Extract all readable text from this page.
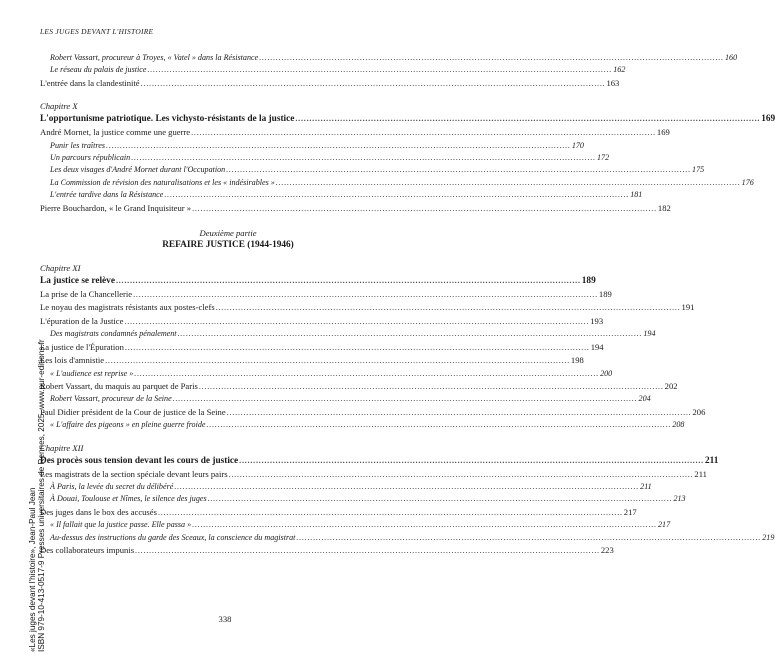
LES JUGES DEVANT L'HISTOIRE
Robert Vassart, procureur à Troyes, « Vatel » dans la Résistance .....	160
Le réseau du palais de justice .....	162
L'entrée dans la clandestinité .....	163
Chapitre X
L'opportunisme patriotique. Les vichysto-résistants de la justice .....	169
André Mornet, la justice comme une guerre .....	169
Punir les traîtres .....	170
Un parcours républicain .....	172
Les deux visages d'André Mornet durant l'Occupation .....	175
La Commission de révision des naturalisations et les « indésirables » .....	176
L'entrée tardive dans la Résistance .....	181
Pierre Bouchardon, « le Grand Inquisiteur » .....	182
Deuxième partie
REFAIRE JUSTICE (1944-1946)
Chapitre XI
La justice se relève .....	189
La prise de la Chancellerie .....	189
Le noyau des magistrats résistants aux postes-clefs .....	191
L'épuration de la Justice .....	193
Des magistrats condamnés pénalement .....	194
La justice de l'Épuration .....	194
Les lois d'amnistie .....	198
« L'audience est reprise » .....	200
Robert Vassart, du maquis au parquet de Paris .....	202
Robert Vassart, procureur de la Seine .....	204
Paul Didier président de la Cour de justice de la Seine .....	206
« L'affaire des pigeons » en pleine guerre froide .....	208
Chapitre XII
Des procès sous tension devant les cours de justice .....	211
Les magistrats de la section spéciale devant leurs pairs .....	211
À Paris, la levée du secret du délibéré .....	211
À Douai, Toulouse et Nîmes, le silence des juges .....	213
Des juges dans le box des accusés .....	217
« Il fallait que la justice passe. Elle passa » .....	217
Au-dessus des instructions du garde des Sceaux, la conscience du magistrat .....	219
Des collaborateurs impunis .....	223
338
«Les juges devant l'histoire», Jean-Paul Jean ISBN 979-10-413-0517-9 Presses universitaires de Rennes, 2025, www.pur-editions.fr
